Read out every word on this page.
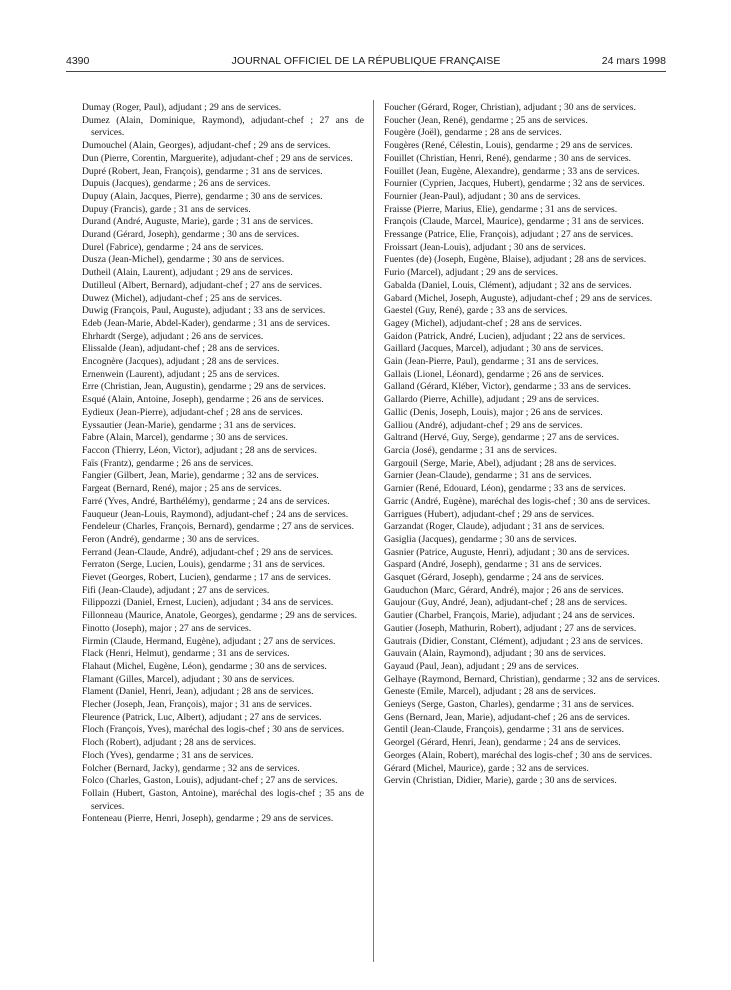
4390	JOURNAL OFFICIEL DE LA RÉPUBLIQUE FRANÇAISE	24 mars 1998

Dumay (Roger, Paul), adjudant ; 29 ans de services.

Dumez (Alain, Dominique, Raymond), adjudant-chef ; 27 ans de services.

Dumouchel (Alain, Georges), adjudant-chef ; 29 ans de services.

Dun (Pierre, Corentin, Marguerite), adjudant-chef ; 29 ans de services.

Dupré (Robert, Jean, François), gendarme ; 31 ans de services.

Dupuis (Jacques), gendarme ; 26 ans de services.

Dupuy (Alain, Jacques, Pierre), gendarme ; 30 ans de services.

Dupuy (Francis), garde ; 31 ans de services.

Durand (André, Auguste, Marie), garde ; 31 ans de services.

Durand (Gérard, Joseph), gendarme ; 30 ans de services.

Durel (Fabrice), gendarme ; 24 ans de services.

Dusza (Jean-Michel), gendarme ; 30 ans de services.

Dutheil (Alain, Laurent), adjudant ; 29 ans de services.

Dutilleul (Albert, Bernard), adjudant-chef ; 27 ans de services.

Duwez (Michel), adjudant-chef ; 25 ans de services.

Duwig (François, Paul, Auguste), adjudant ; 33 ans de services.

Edeb (Jean-Marie, Abdel-Kader), gendarme ; 31 ans de services.

Ehrhardt (Serge), adjudant ; 26 ans de services.

Elissalde (Jean), adjudant-chef ; 28 ans de services.

Encognère (Jacques), adjudant ; 28 ans de services.

Ernenwein (Laurent), adjudant ; 25 ans de services.

Erre (Christian, Jean, Augustin), gendarme ; 29 ans de services.

Esqué (Alain, Antoine, Joseph), gendarme ; 26 ans de services.

Eydieux (Jean-Pierre), adjudant-chef ; 28 ans de services.

Eyssautier (Jean-Marie), gendarme ; 31 ans de services.

Fabre (Alain, Marcel), gendarme ; 30 ans de services.

Faccon (Thierry, Léon, Victor), adjudant ; 28 ans de services.

Faïs (Frantz), gendarme ; 26 ans de services.

Fangier (Gilbert, Jean, Marie), gendarme ; 32 ans de services.

Fargeat (Bernard, René), major ; 25 ans de services.

Farré (Yves, André, Barthélémy), gendarme ; 24 ans de services.

Fauqueur (Jean-Louis, Raymond), adjudant-chef ; 24 ans de services.

Fendeleur (Charles, François, Bernard), gendarme ; 27 ans de services.

Feron (André), gendarme ; 30 ans de services.

Ferrand (Jean-Claude, André), adjudant-chef ; 29 ans de services.

Ferraton (Serge, Lucien, Louis), gendarme ; 31 ans de services.

Fievet (Georges, Robert, Lucien), gendarme ; 17 ans de services.

Fifi (Jean-Claude), adjudant ; 27 ans de services.

Filippozzi (Daniel, Ernest, Lucien), adjudant ; 34 ans de services.

Fillonneau (Maurice, Anatole, Georges), gendarme ; 29 ans de services.

Finotto (Joseph), major ; 27 ans de services.

Firmin (Claude, Hermand, Eugène), adjudant ; 27 ans de services.

Flack (Henri, Helmut), gendarme ; 31 ans de services.

Flahaut (Michel, Eugène, Léon), gendarme ; 30 ans de services.

Flamant (Gilles, Marcel), adjudant ; 30 ans de services.

Flament (Daniel, Henri, Jean), adjudant ; 28 ans de services.

Flecher (Joseph, Jean, François), major ; 31 ans de services.

Fleurence (Patrick, Luc, Albert), adjudant ; 27 ans de services.

Floch (François, Yves), maréchal des logis-chef ; 30 ans de services.

Floch (Robert), adjudant ; 28 ans de services.

Floch (Yves), gendarme ; 31 ans de services.

Folcher (Bernard, Jacky), gendarme ; 32 ans de services.

Folco (Charles, Gaston, Louis), adjudant-chef ; 27 ans de services.

Follain (Hubert, Gaston, Antoine), maréchal des logis-chef ; 35 ans de services.

Fonteneau (Pierre, Henri, Joseph), gendarme ; 29 ans de services.

Foucher (Gérard, Roger, Christian), adjudant ; 30 ans de services.

Foucher (Jean, René), gendarme ; 25 ans de services.

Fougère (Joël), gendarme ; 28 ans de services.

Fougères (René, Célestin, Louis), gendarme ; 29 ans de services.

Fouillet (Christian, Henri, René), gendarme ; 30 ans de services.

Fouillet (Jean, Eugène, Alexandre), gendarme ; 33 ans de services.

Fournier (Cyprien, Jacques, Hubert), gendarme ; 32 ans de services.

Fournier (Jean-Paul), adjudant ; 30 ans de services.

Fraisse (Pierre, Marius, Elie), gendarme ; 31 ans de services.

François (Claude, Marcel, Maurice), gendarme ; 31 ans de services.

Fressange (Patrice, Elie, François), adjudant ; 27 ans de services.

Froissart (Jean-Louis), adjudant ; 30 ans de services.

Fuentes (de) (Joseph, Eugène, Blaise), adjudant ; 28 ans de services.

Furio (Marcel), adjudant ; 29 ans de services.

Gabalda (Daniel, Louis, Clément), adjudant ; 32 ans de services.

Gabard (Michel, Joseph, Auguste), adjudant-chef ; 29 ans de services.

Gaestel (Guy, René), garde ; 33 ans de services.

Gagey (Michel), adjudant-chef ; 28 ans de services.

Gaidon (Patrick, André, Lucien), adjudant ; 22 ans de services.

Gaillard (Jacques, Marcel), adjudant ; 30 ans de services.

Gain (Jean-Pierre, Paul), gendarme ; 31 ans de services.

Gallais (Lionel, Léonard), gendarme ; 26 ans de services.

Galland (Gérard, Kléber, Victor), gendarme ; 33 ans de services.

Gallardo (Pierre, Achille), adjudant ; 29 ans de services.

Gallic (Denis, Joseph, Louis), major ; 26 ans de services.

Galliou (André), adjudant-chef ; 29 ans de services.

Galtrand (Hervé, Guy, Serge), gendarme ; 27 ans de services.

Garcia (José), gendarme ; 31 ans de services.

Gargouil (Serge, Marie, Abel), adjudant ; 28 ans de services.

Garnier (Jean-Claude), gendarme ; 31 ans de services.

Garnier (René, Edouard, Léon), gendarme ; 33 ans de services.

Garric (André, Eugène), maréchal des logis-chef ; 30 ans de services.

Garrigues (Hubert), adjudant-chef ; 29 ans de services.

Garzandat (Roger, Claude), adjudant ; 31 ans de services.

Gasiglia (Jacques), gendarme ; 30 ans de services.

Gasnier (Patrice, Auguste, Henri), adjudant ; 30 ans de services.

Gaspard (André, Joseph), gendarme ; 31 ans de services.

Gasquet (Gérard, Joseph), gendarme ; 24 ans de services.

Gauduchon (Marc, Gérard, André), major ; 26 ans de services.

Gaujour (Guy, André, Jean), adjudant-chef ; 28 ans de services.

Gautier (Charbel, François, Marie), adjudant ; 24 ans de services.

Gautier (Joseph, Mathurin, Robert), adjudant ; 27 ans de services.

Gautrais (Didier, Constant, Clément), adjudant ; 23 ans de services.

Gauvain (Alain, Raymond), adjudant ; 30 ans de services.

Gayaud (Paul, Jean), adjudant ; 29 ans de services.

Gelhaye (Raymond, Bernard, Christian), gendarme ; 32 ans de services.

Geneste (Emile, Marcel), adjudant ; 28 ans de services.

Genieys (Serge, Gaston, Charles), gendarme ; 31 ans de services.

Gens (Bernard, Jean, Marie), adjudant-chef ; 26 ans de services.

Gentil (Jean-Claude, François), gendarme ; 31 ans de services.

Georgel (Gérard, Henri, Jean), gendarme ; 24 ans de services.

Georges (Alain, Robert), maréchal des logis-chef ; 30 ans de services.

Gérard (Michel, Maurice), garde ; 32 ans de services.

Gervin (Christian, Didier, Marie), garde ; 30 ans de services.
